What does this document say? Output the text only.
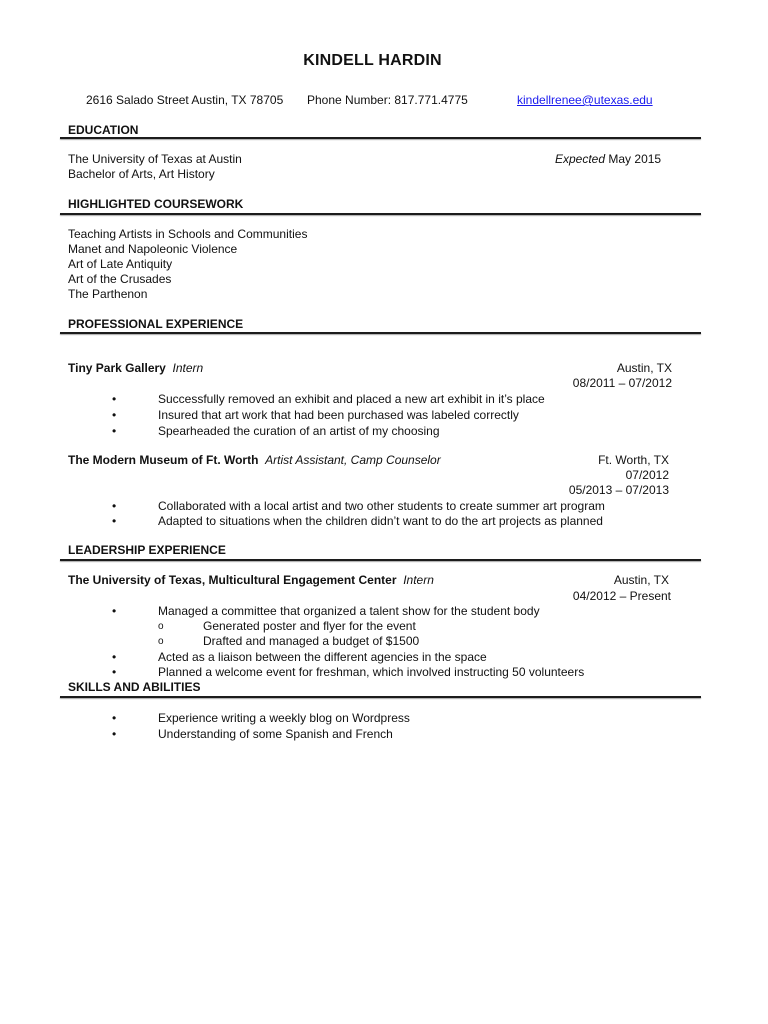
KINDELL HARDIN
2616 Salado Street Austin, TX 78705 Phone Number: 817.771.4775	kindellrenee@utexas.edu
EDUCATION
The University of Texas at Austin	Expected May 2015
Bachelor of Arts, Art History
HIGHLIGHTED COURSEWORK
Teaching Artists in Schools and Communities
Manet and Napoleonic Violence
Art of Late Antiquity
Art of the Crusades
The Parthenon
PROFESSIONAL EXPERIENCE
Tiny Park Gallery Intern	Austin, TX
08/2011 – 07/2012
•	Successfully removed an exhibit and placed a new art exhibit in it’s place
•	Insured that art work that had been purchased was labeled correctly
•	Spearheaded the curation of an artist of my choosing
The Modern Museum of Ft. Worth Artist Assistant, Camp Counselor	Ft. Worth, TX
07/2012
05/2013 – 07/2013
•	Collaborated with a local artist and two other students to create summer art program
•	Adapted to situations when the children didn’t want to do the art projects as planned
LEADERSHIP EXPERIENCE
The University of Texas, Multicultural Engagement Center Intern	Austin, TX
04/2012 – Present
•	Managed a committee that organized a talent show for the student body
o	Generated poster and flyer for the event
o	Drafted and managed a budget of $1500
•	Acted as a liaison between the different agencies in the space
•	Planned a welcome event for freshman, which involved instructing 50 volunteers
SKILLS AND ABILITIES
•	Experience writing a weekly blog on Wordpress
•	Understanding of some Spanish and French
